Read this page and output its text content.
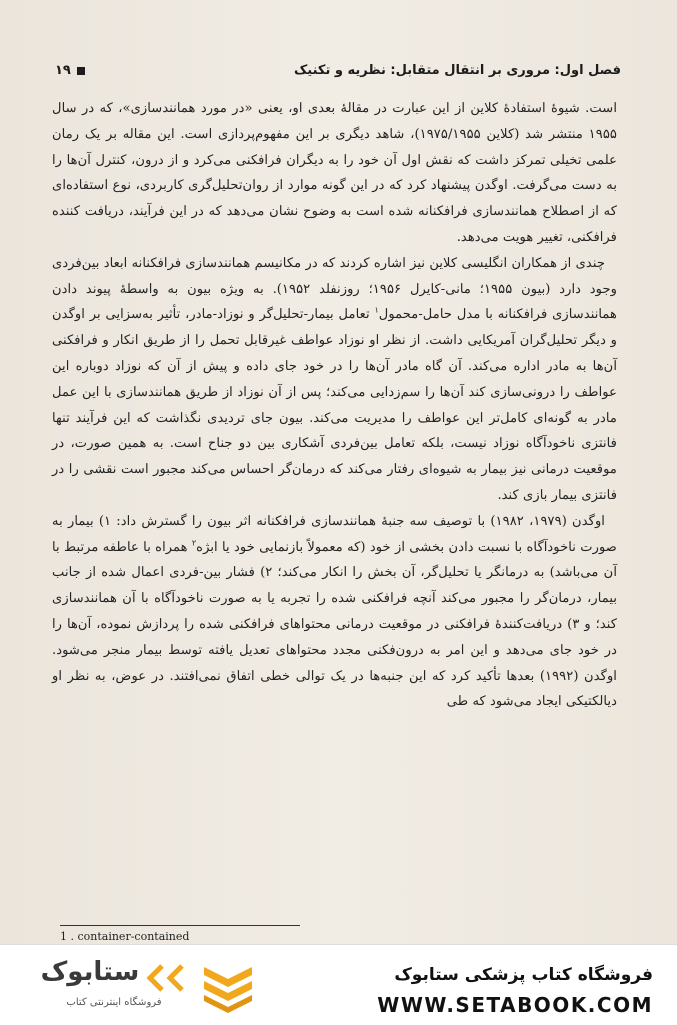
۱۹	فصل اول: مروری بر انتقال متقابل: نظریه و تکنیک

است. شیوهٔ استفادهٔ کلاین از این عبارت در مقالهٔ بعدی او، یعنی «در مورد همانندسازی»، که در سال ۱۹۵۵ منتشر شد (کلاین ۱۹۷۵/۱۹۵۵)، شاهد دیگری بر این مفهوم‌پردازی است. این مقاله بر یک رمان علمی تخیلی تمرکز داشت که نقش اول آن خود را به دیگران فرافکنی می‌کرد و از درون، کنترل آن‌ها را به دست می‌گرفت. اوگدن پیشنهاد کرد که در این گونه موارد از روان‌تحلیل‌گری کاربردی، نوع استفاده‌ای که از اصطلاح همانندسازی فرافکنانه شده است به وضوح نشان می‌دهد که در این فرآیند، دریافت کننده فرافکنی، تغییر هویت می‌دهد.

چندی از همکاران انگلیسی کلاین نیز اشاره کردند که در مکانیسم همانندسازی فرافکنانه ابعاد بین‌فردی وجود دارد (بیون ۱۹۵۵؛ مانی-کایرل ۱۹۵۶؛ روزنفلد ۱۹۵۲). به ویژه بیون به واسطهٔ پیوند دادن همانندسازی فرافکنانه با مدل حامل-محمول$^۱$ تعامل بیمار-تحلیل‌گر و نوزاد-مادر، تأثیر به‌سزایی بر اوگدن و دیگر تحلیل‌گران آمریکایی داشت. از نظر او نوزاد عواطف غیرقابل تحمل را از طریق انکار و فرافکنی آن‌ها به مادر اداره می‌کند. آن گاه مادر آن‌ها را در خود جای داده و پیش از آن که نوزاد دوباره این عواطف را درونی‌سازی کند آن‌ها را سم‌زدایی می‌کند؛ پس از آن نوزاد از طریق همانندسازی با این عمل مادر به گونه‌ای کامل‌تر این عواطف را مدیریت می‌کند. بیون جای تردیدی نگذاشت که این فرآیند تنها فانتزی ناخودآگاه نوزاد نیست، بلکه تعامل بین‌فردی آشکاری بین دو جناح است. به همین صورت، در موقعیت درمانی نیز بیمار به شیوه‌ای رفتار می‌کند که درمان‌گر احساس می‌کند مجبور است نقشی را در فانتزی بیمار بازی کند.

اوگدن (۱۹۷۹، ۱۹۸۲) با توصیف سه جنبهٔ همانندسازی فرافکنانه اثر بیون را گسترش داد: ۱) بیمار به صورت ناخودآگاه با نسبت دادن بخشی از خود (که معمولاً بازنمایی خود یا ابژه$^۲$ همراه با عاطفه مرتبط با آن می‌باشد) به درمانگر یا تحلیل‌گر، آن بخش را انکار می‌کند؛ ۲) فشار بین-فردی اعمال شده از جانب بیمار، درمان‌گر را مجبور می‌کند آنچه فرافکنی شده را تجربه یا به صورت ناخودآگاه با آن همانندسازی کند؛ و ۳) دریافت‌کنندهٔ فرافکنی در موقعیت درمانی محتواهای فرافکنی شده را پردازش نموده، آن‌ها را در خود جای می‌دهد و این امر به درون‌فکنی مجدد محتواهای تعدیل یافته توسط بیمار منجر می‌شود. اوگدن (۱۹۹۲) بعدها تأکید کرد که این جنبه‌ها در یک توالی خطی اتفاق نمی‌افتند. در عوض، به نظر او دیالکتیکی ایجاد می‌شود که طی

1 . container-contained
ستابوک
فروشگاه اینترنتی کتاب
فروشگاه کتاب پزشکی ستابوک
WWW.SETABOOK.COM
